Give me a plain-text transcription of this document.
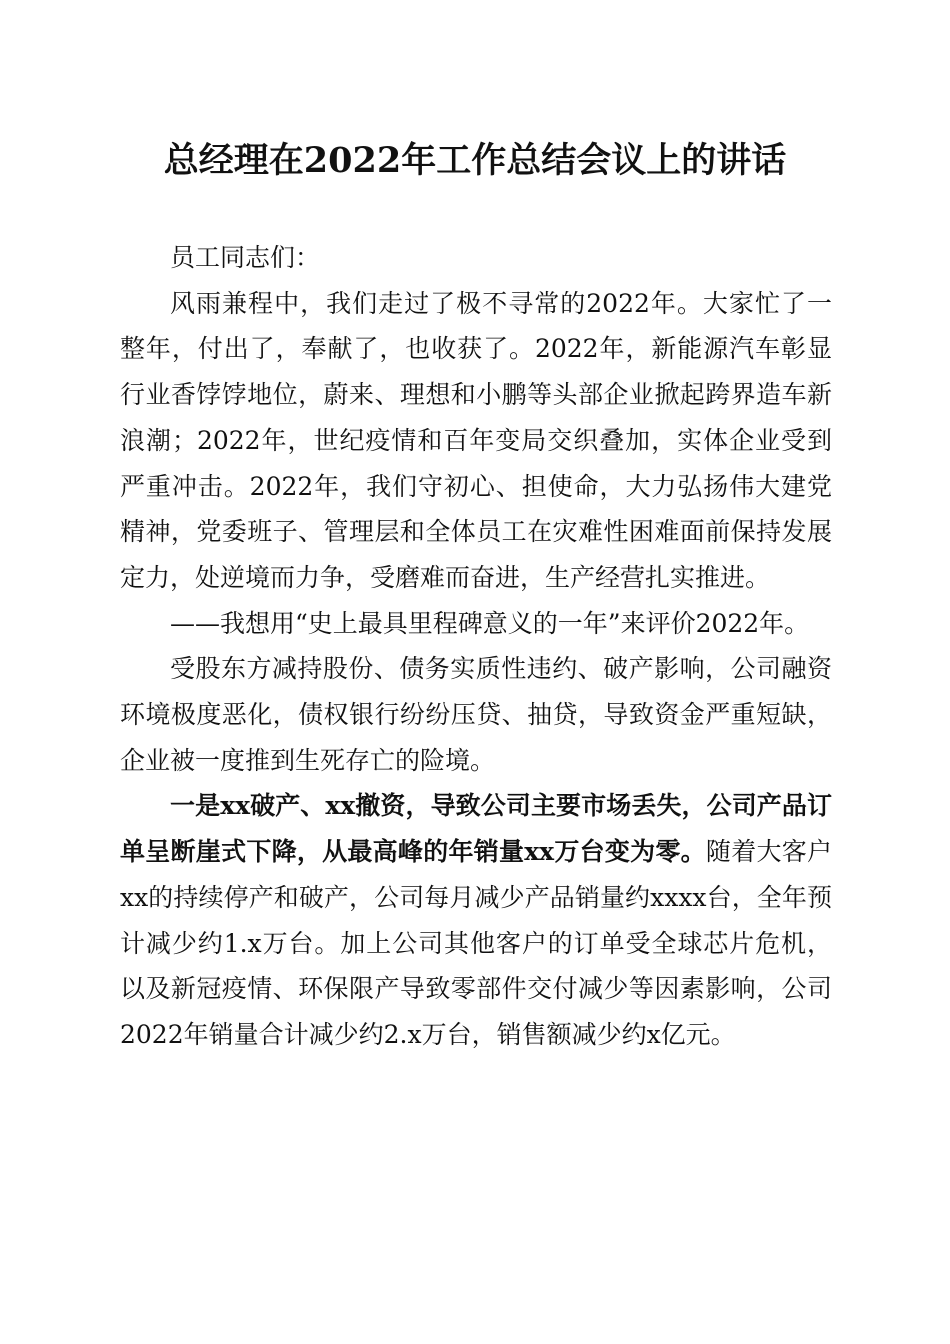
总经理在2022年工作总结会议上的讲话

员工同志们：

风雨兼程中，我们走过了极不寻常的2022年。大家忙了一整年，付出了，奉献了，也收获了。2022年，新能源汽车彰显行业香饽饽地位，蔚来、理想和小鹏等头部企业掀起跨界造车新浪潮；2022年，世纪疫情和百年变局交织叠加，实体企业受到严重冲击。2022年，我们守初心、担使命，大力弘扬伟大建党精神，党委班子、管理层和全体员工在灾难性困难面前保持发展定力，处逆境而力争，受磨难而奋进，生产经营扎实推进。

——我想用“史上最具里程碑意义的一年”来评价2022年。

受股东方减持股份、债务实质性违约、破产影响，公司融资环境极度恶化，债权银行纷纷压贷、抽贷，导致资金严重短缺，企业被一度推到生死存亡的险境。

一是xx破产、xx撤资，导致公司主要市场丢失，公司产品订单呈断崖式下降，从最高峰的年销量xx万台变为零。随着大客户xx的持续停产和破产，公司每月减少产品销量约xxxx台，全年预计减少约1.x万台。加上公司其他客户的订单受全球芯片危机，以及新冠疫情、环保限产导致零部件交付减少等因素影响，公司2022年销量合计减少约2.x万台，销售额减少约x亿元。
